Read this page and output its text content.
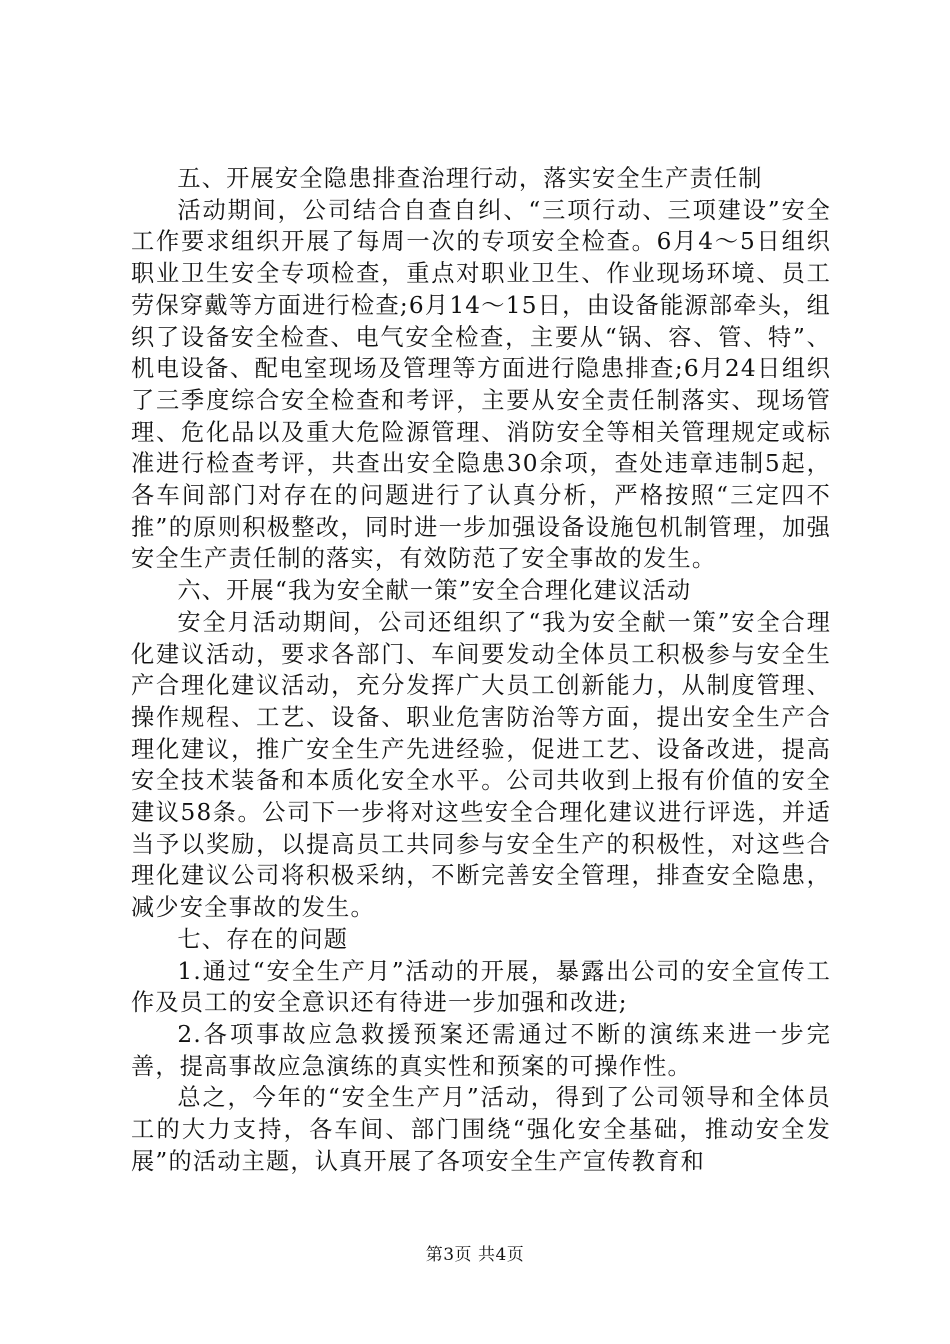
五、开展安全隐患排查治理行动，落实安全生产责任制

活动期间，公司结合自查自纠、“三项行动、三项建设”安全工作要求组织开展了每周一次的专项安全检查。6月4～5日组织职业卫生安全专项检查，重点对职业卫生、作业现场环境、员工劳保穿戴等方面进行检查;6月14～15日，由设备能源部牵头，组织了设备安全检查、电气安全检查，主要从“锅、容、管、特”、机电设备、配电室现场及管理等方面进行隐患排查;6月24日组织了三季度综合安全检查和考评，主要从安全责任制落实、现场管理、危化品以及重大危险源管理、消防安全等相关管理规定或标准进行检查考评，共查出安全隐患30余项，查处违章违制5起，各车间部门对存在的问题进行了认真分析，严格按照“三定四不推”的原则积极整改，同时进一步加强设备设施包机制管理，加强安全生产责任制的落实，有效防范了安全事故的发生。

六、开展“我为安全献一策”安全合理化建议活动

安全月活动期间，公司还组织了“我为安全献一策”安全合理化建议活动，要求各部门、车间要发动全体员工积极参与安全生产合理化建议活动，充分发挥广大员工创新能力，从制度管理、操作规程、工艺、设备、职业危害防治等方面，提出安全生产合理化建议，推广安全生产先进经验，促进工艺、设备改进，提高安全技术装备和本质化安全水平。公司共收到上报有价值的安全建议58条。公司下一步将对这些安全合理化建议进行评选，并适当予以奖励，以提高员工共同参与安全生产的积极性，对这些合理化建议公司将积极采纳，不断完善安全管理，排查安全隐患，减少安全事故的发生。

七、存在的问题

1.通过“安全生产月”活动的开展，暴露出公司的安全宣传工作及员工的安全意识还有待进一步加强和改进;

2.各项事故应急救援预案还需通过不断的演练来进一步完善，提高事故应急演练的真实性和预案的可操作性。

总之，今年的“安全生产月”活动，得到了公司领导和全体员工的大力支持，各车间、部门围绕“强化安全基础，推动安全发展”的活动主题，认真开展了各项安全生产宣传教育和

第3页 共4页
